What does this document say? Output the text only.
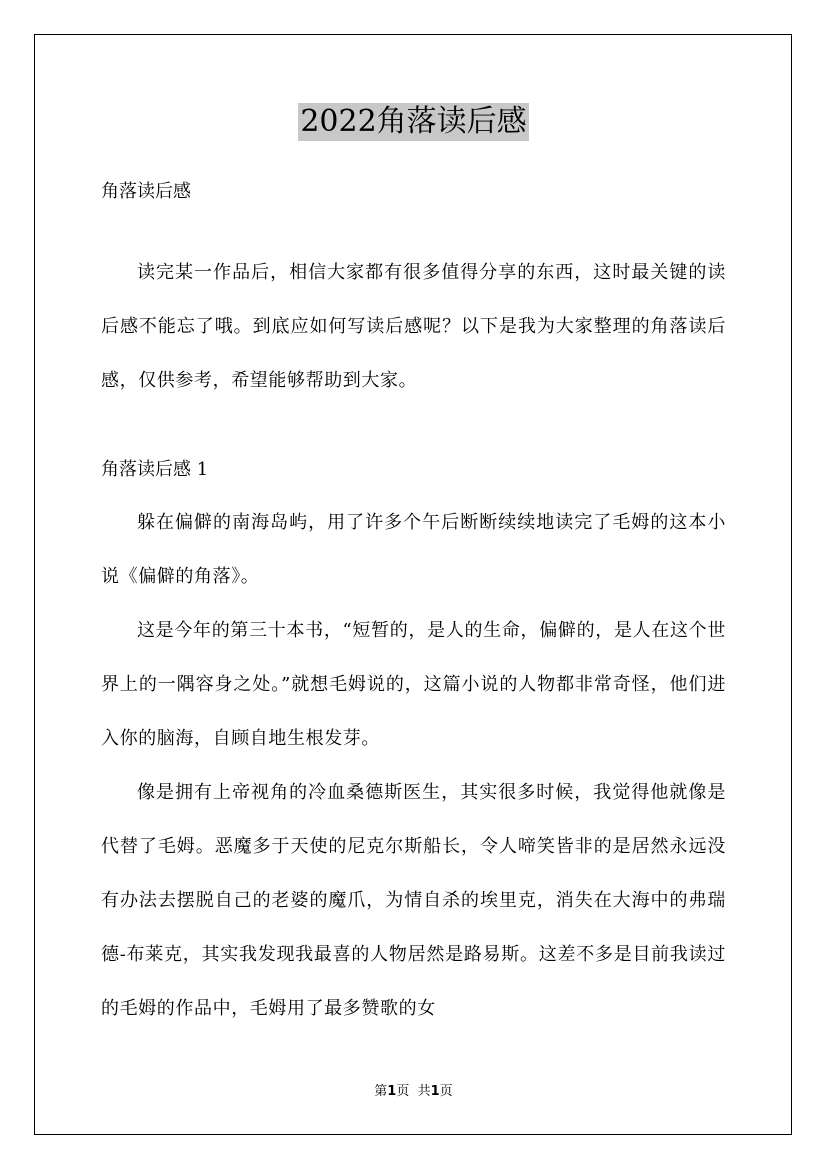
2022角落读后感

角落读后感

读完某一作品后，相信大家都有很多值得分享的东西，这时最关键的读后感不能忘了哦。到底应如何写读后感呢？以下是我为大家整理的角落读后感，仅供参考，希望能够帮助到大家。

角落读后感 1

躲在偏僻的南海岛屿，用了许多个午后断断续续地读完了毛姆的这本小说《偏僻的角落》。

这是今年的第三十本书，“短暂的，是人的生命，偏僻的，是人在这个世界上的一隅容身之处。”就想毛姆说的，这篇小说的人物都非常奇怪，他们进入你的脑海，自顾自地生根发芽。

像是拥有上帝视角的冷血桑德斯医生，其实很多时候，我觉得他就像是代替了毛姆。恶魔多于天使的尼克尔斯船长，令人啼笑皆非的是居然永远没有办法去摆脱自己的老婆的魔爪，为情自杀的埃里克，消失在大海中的弗瑞德-布莱克，其实我发现我最喜的人物居然是路易斯。这差不多是目前我读过的毛姆的作品中，毛姆用了最多赞歌的女

第1页 共1页
